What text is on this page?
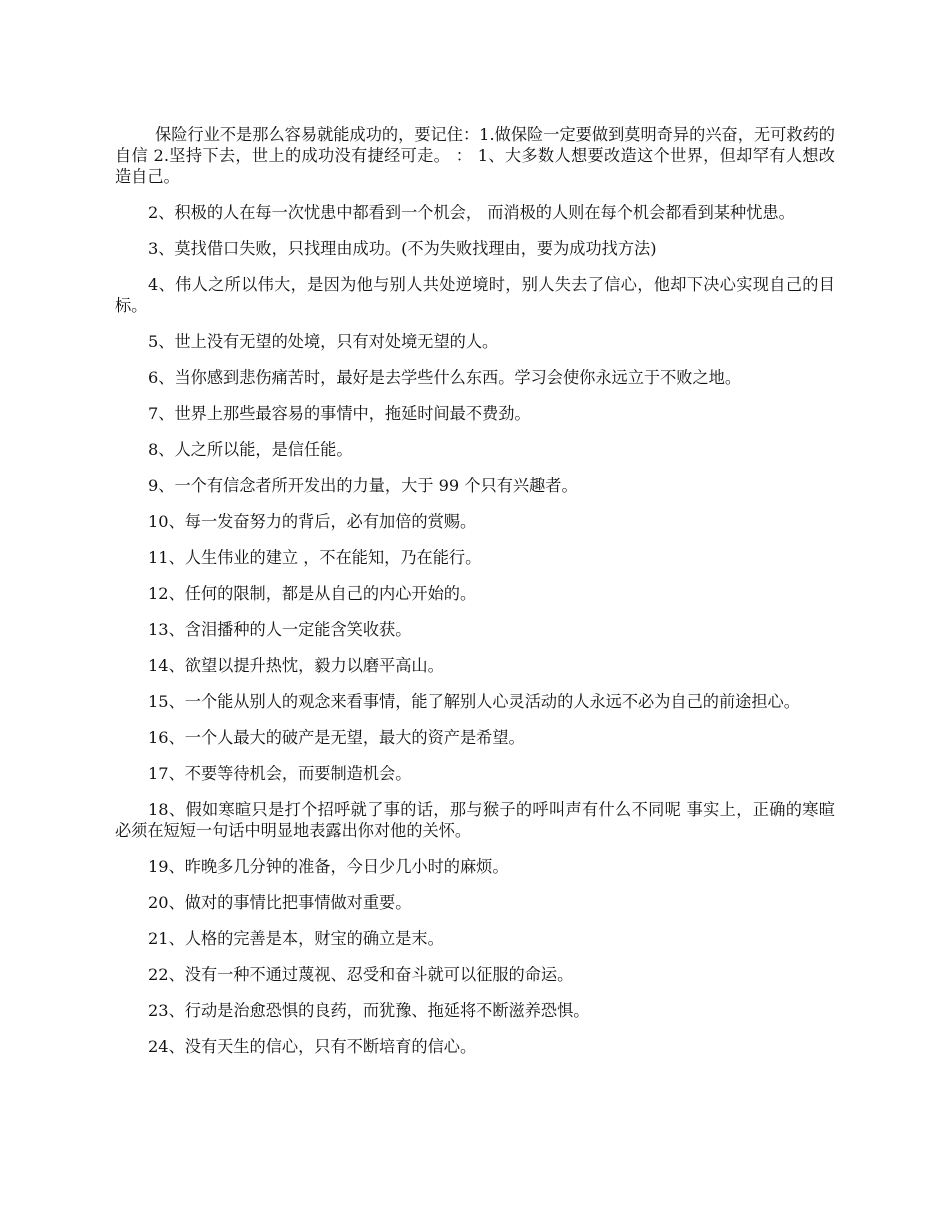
保险行业不是那么容易就能成功的，要记住：1.做保险一定要做到莫明奇异的兴奋，无可救药的自信 2.坚持下去，世上的成功没有捷经可走。 ： 1、大多数人想要改造这个世界，但却罕有人想改造自己。

2、积极的人在每一次忧患中都看到一个机会， 而消极的人则在每个机会都看到某种忧患。

3、莫找借口失败，只找理由成功。(不为失败找理由，要为成功找方法)

4、伟人之所以伟大，是因为他与别人共处逆境时，别人失去了信心，他却下决心实现自己的目标。

5、世上没有无望的处境，只有对处境无望的人。

6、当你感到悲伤痛苦时，最好是去学些什么东西。学习会使你永远立于不败之地。

7、世界上那些最容易的事情中，拖延时间最不费劲。

8、人之所以能，是信任能。

9、一个有信念者所开发出的力量，大于 99 个只有兴趣者。

10、每一发奋努力的背后，必有加倍的赏赐。

11、人生伟业的建立 ，不在能知，乃在能行。

12、任何的限制，都是从自己的内心开始的。

13、含泪播种的人一定能含笑收获。

14、欲望以提升热忱，毅力以磨平高山。

15、一个能从别人的观念来看事情，能了解别人心灵活动的人永远不必为自己的前途担心。

16、一个人最大的破产是无望，最大的资产是希望。

17、不要等待机会，而要制造机会。

18、假如寒暄只是打个招呼就了事的话，那与猴子的呼叫声有什么不同呢 事实上，正确的寒暄必须在短短一句话中明显地表露出你对他的关怀。

19、昨晚多几分钟的准备，今日少几小时的麻烦。

20、做对的事情比把事情做对重要。

21、人格的完善是本，财宝的确立是末。

22、没有一种不通过蔑视、忍受和奋斗就可以征服的命运。

23、行动是治愈恐惧的良药，而犹豫、拖延将不断滋养恐惧。

24、没有天生的信心，只有不断培育的信心。
